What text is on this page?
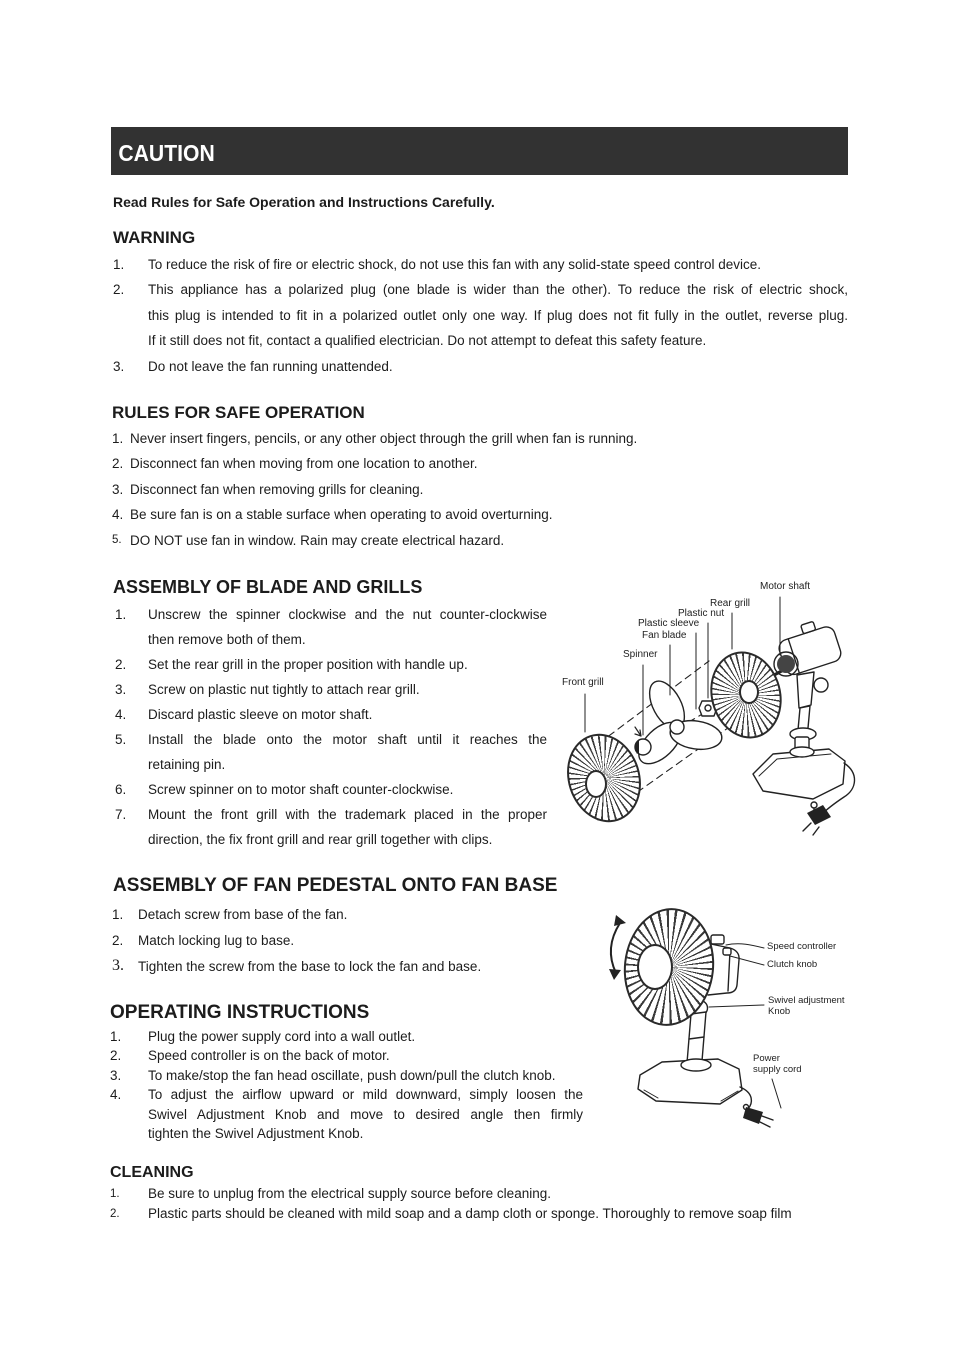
CAUTION

Read Rules for Safe Operation and Instructions Carefully.

WARNING
1.	To reduce the risk of fire or electric shock, do not use this fan with any solid-state speed control device.
2.	This appliance has a polarized plug (one blade is wider than the other). To reduce the risk of electric shock,
this plug is intended to fit in a polarized outlet only one way. If plug does not fit fully in the outlet, reverse plug.
If it still does not fit, contact a qualified electrician. Do not attempt to defeat this safety feature.
3.	Do not leave the fan running unattended.
RULES FOR SAFE OPERATION
1. Never insert fingers, pencils, or any other object through the grill when fan is running.
2. Disconnect fan when moving from one location to another.
3. Disconnect fan when removing grills for cleaning.
4. Be sure fan is on a stable surface when operating to avoid overturning.
5. DO NOT use fan in window. Rain may create electrical hazard.
ASSEMBLY OF BLADE AND GRILLS
1.	Unscrew the spinner clockwise and the nut counter-clockwise
then remove both of them.
2.	Set the rear grill in the proper position with handle up.
3.	Screw on plastic nut tightly to attach rear grill.
4.	Discard plastic sleeve on motor shaft.
5.	Install the blade onto the motor shaft until it reaches the
retaining pin.
6.	Screw spinner on to motor shaft counter-clockwise.
7.	Mount the front grill with the trademark placed in the proper
direction, the fix front grill and rear grill together with clips.
Motor shaft
Rear grill
Plastic nut
Plastic sleeve
Fan blade
Spinner
Front grill
ASSEMBLY OF FAN PEDESTAL ONTO FAN BASE
1.	Detach screw from base of the fan.
2.	Match locking lug to base.
3.	Tighten the screw from the base to lock the fan and base.
OPERATING INSTRUCTIONS
1.	Plug the power supply cord into a wall outlet.
2.	Speed controller is on the back of motor.
3.	To make/stop the fan head oscillate, push down/pull the clutch knob.
4.	To adjust the airflow upward or mild downward, simply loosen the
Swivel Adjustment Knob and move to desired angle then firmly
tighten the Swivel Adjustment Knob.
Speed controller
Clutch knob
Swivel adjustment
Knob
Power
supply cord
CLEANING
1.	Be sure to unplug from the electrical supply source before cleaning.
2.	Plastic parts should be cleaned with mild soap and a damp cloth or sponge. Thoroughly to remove soap film
